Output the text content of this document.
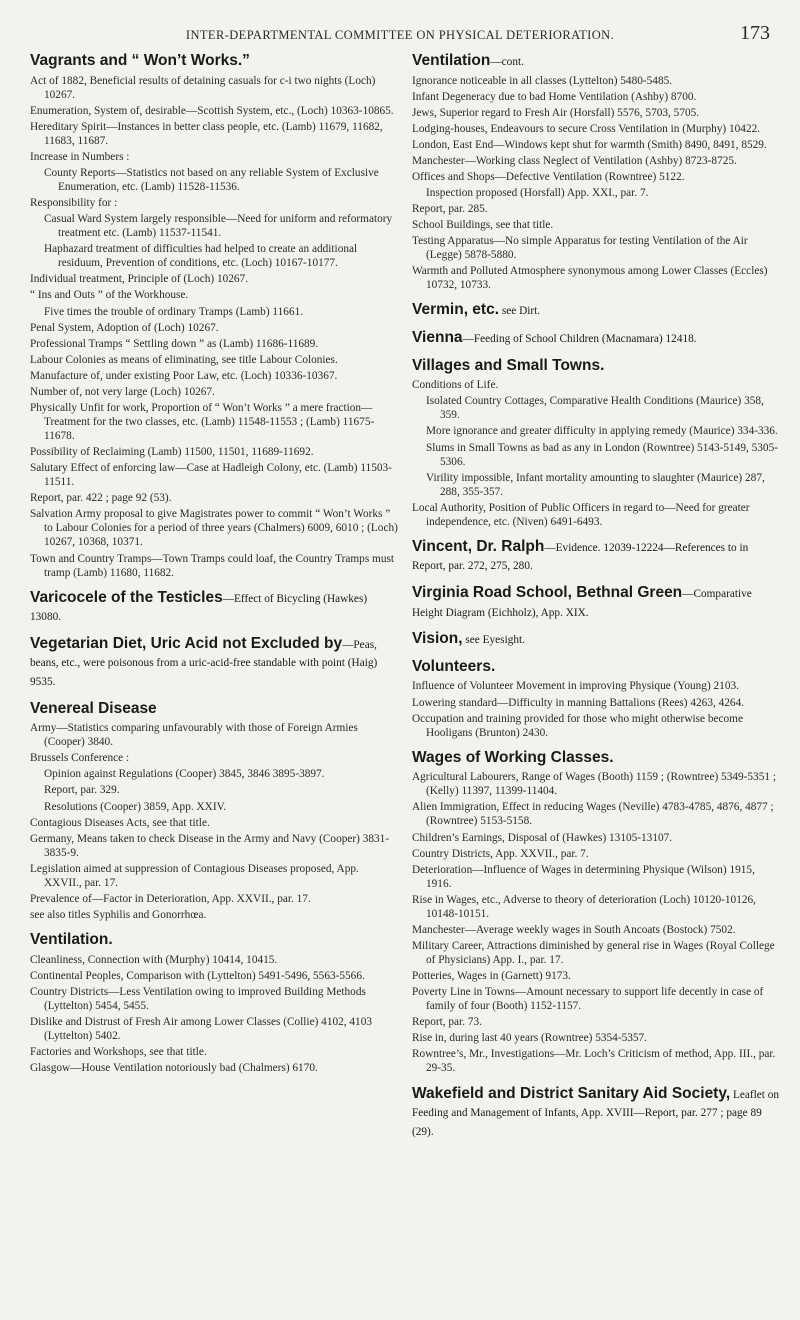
INTER-DEPARTMENTAL COMMITTEE ON PHYSICAL DETERIORATION.	173
Vagrants and “ Won’t Works.”
Act of 1882, Beneficial results of detaining casuals for c-i two nights (Loch) 10267.
Enumeration, System of, desirable—Scottish System, etc., (Loch) 10363-10865.
Hereditary Spirit—Instances in better class people, etc. (Lamb) 11679, 11682, 11683, 11687.
Increase in Numbers :
County Reports—Statistics not based on any reliable System of Exclusive Enumeration, etc. (Lamb) 11528-11536.
Responsibility for :
Casual Ward System largely responsible—Need for uniform and reformatory treatment etc. (Lamb) 11537-11541.
Haphazard treatment of difficulties had helped to create an additional residuum, Prevention of conditions, etc. (Loch) 10167-10177.
Individual treatment, Principle of (Loch) 10267.
“ Ins and Outs ” of the Workhouse.
Five times the trouble of ordinary Tramps (Lamb) 11661.
Penal System, Adoption of (Loch) 10267.
Professional Tramps “ Settling down ” as (Lamb) 11686-11689.
Labour Colonies as means of eliminating, see title Labour Colonies.
Manufacture of, under existing Poor Law, etc. (Loch) 10336-10367.
Number of, not very large (Loch) 10267.
Physically Unfit for work, Proportion of “ Won’t Works ” a mere fraction—Treatment for the two classes, etc. (Lamb) 11548-11553 ; (Lamb) 11675-11678.
Possibility of Reclaiming (Lamb) 11500, 11501, 11689-11692.
Salutary Effect of enforcing law—Case at Hadleigh Colony, etc. (Lamb) 11503-11511.
Report, par. 422 ; page 92 (53).
Salvation Army proposal to give Magistrates power to commit “ Won’t Works ” to Labour Colonies for a period of three years (Chalmers) 6009, 6010 ; (Loch) 10267, 10368, 10371.
Town and Country Tramps—Town Tramps could loaf, the Country Tramps must tramp (Lamb) 11680, 11682.
Varicocele of the Testicles—Effect of Bicycling (Hawkes) 13080.
Vegetarian Diet, Uric Acid not Excluded by—Peas, beans, etc., were poisonous from a uric-acid-free standable with point (Haig) 9535.
Venereal Disease
Army—Statistics comparing unfavourably with those of Foreign Armies (Cooper) 3840.
Brussels Conference :
Opinion against Regulations (Cooper) 3845, 3846 3895-3897.
Report, par. 329.
Resolutions (Cooper) 3859, App. XXIV.
Contagious Diseases Acts, see that title.
Germany, Means taken to check Disease in the Army and Navy (Cooper) 3831-3835-9.
Legislation aimed at suppression of Contagious Diseases proposed, App. XXVII., par. 17.
Prevalence of—Factor in Deterioration, App. XXVII., par. 17.
see also titles Syphilis and Gonorrhœa.
Ventilation.
Cleanliness, Connection with (Murphy) 10414, 10415.
Continental Peoples, Comparison with (Lyttelton) 5491-5496, 5563-5566.
Country Districts—Less Ventilation owing to improved Building Methods (Lyttelton) 5454, 5455.
Dislike and Distrust of Fresh Air among Lower Classes (Collie) 4102, 4103 (Lyttelton) 5402.
Factories and Workshops, see that title.
Glasgow—House Ventilation notoriously bad (Chalmers) 6170.
Ventilation—cont.
Ignorance noticeable in all classes (Lyttelton) 5480-5485.
Infant Degeneracy due to bad Home Ventilation (Ashby) 8700.
Jews, Superior regard to Fresh Air (Horsfall) 5576, 5703, 5705.
Lodging-houses, Endeavours to secure Cross Ventilation in (Murphy) 10422.
London, East End—Windows kept shut for warmth (Smith) 8490, 8491, 8529.
Manchester—Working class Neglect of Ventilation (Ashby) 8723-8725.
Offices and Shops—Defective Ventilation (Rowntree) 5122.
Inspection proposed (Horsfall) App. XXI., par. 7.
Report, par. 285.
School Buildings, see that title.
Testing Apparatus—No simple Apparatus for testing Ventilation of the Air (Legge) 5878-5880.
Warmth and Polluted Atmosphere synonymous among Lower Classes (Eccles) 10732, 10733.
Vermin, etc. see Dirt.
Vienna—Feeding of School Children (Macnamara) 12418.
Villages and Small Towns.
Conditions of Life.
Isolated Country Cottages, Comparative Health Conditions (Maurice) 358, 359.
More ignorance and greater difficulty in applying remedy (Maurice) 334-336.
Slums in Small Towns as bad as any in London (Rowntree) 5143-5149, 5305-5306.
Virility impossible, Infant mortality amounting to slaughter (Maurice) 287, 288, 355-357.
Local Authority, Position of Public Officers in regard to—Need for greater independence, etc. (Niven) 6491-6493.
Vincent, Dr. Ralph—Evidence. 12039-12224—References to in Report, par. 272, 275, 280.
Virginia Road School, Bethnal Green—Comparative Height Diagram (Eichholz), App. XIX.
Vision, see Eyesight.
Volunteers.
Influence of Volunteer Movement in improving Physique (Young) 2103.
Lowering standard—Difficulty in manning Battalions (Rees) 4263, 4264.
Occupation and training provided for those who might otherwise become Hooligans (Brunton) 2430.
Wages of Working Classes.
Agricultural Labourers, Range of Wages (Booth) 1159 ; (Rowntree) 5349-5351 ; (Kelly) 11397, 11399-11404.
Alien Immigration, Effect in reducing Wages (Neville) 4783-4785, 4876, 4877 ; (Rowntree) 5153-5158.
Children’s Earnings, Disposal of (Hawkes) 13105-13107.
Country Districts, App. XXVII., par. 7.
Deterioration—Influence of Wages in determining Physique (Wilson) 1915, 1916.
Rise in Wages, etc., Adverse to theory of deterioration (Loch) 10120-10126, 10148-10151.
Manchester—Average weekly wages in South Ancoats (Bostock) 7502.
Military Career, Attractions diminished by general rise in Wages (Royal College of Physicians) App. I., par. 17.
Potteries, Wages in (Garnett) 9173.
Poverty Line in Towns—Amount necessary to support life decently in case of family of four (Booth) 1152-1157.
Report, par. 73.
Rise in, during last 40 years (Rowntree) 5354-5357.
Rowntree’s, Mr., Investigations—Mr. Loch’s Criticism of method, App. III., par. 29-35.
Wakefield and District Sanitary Aid Society, Leaflet on Feeding and Management of Infants, App. XVIII—Report, par. 277 ; page 89 (29).
